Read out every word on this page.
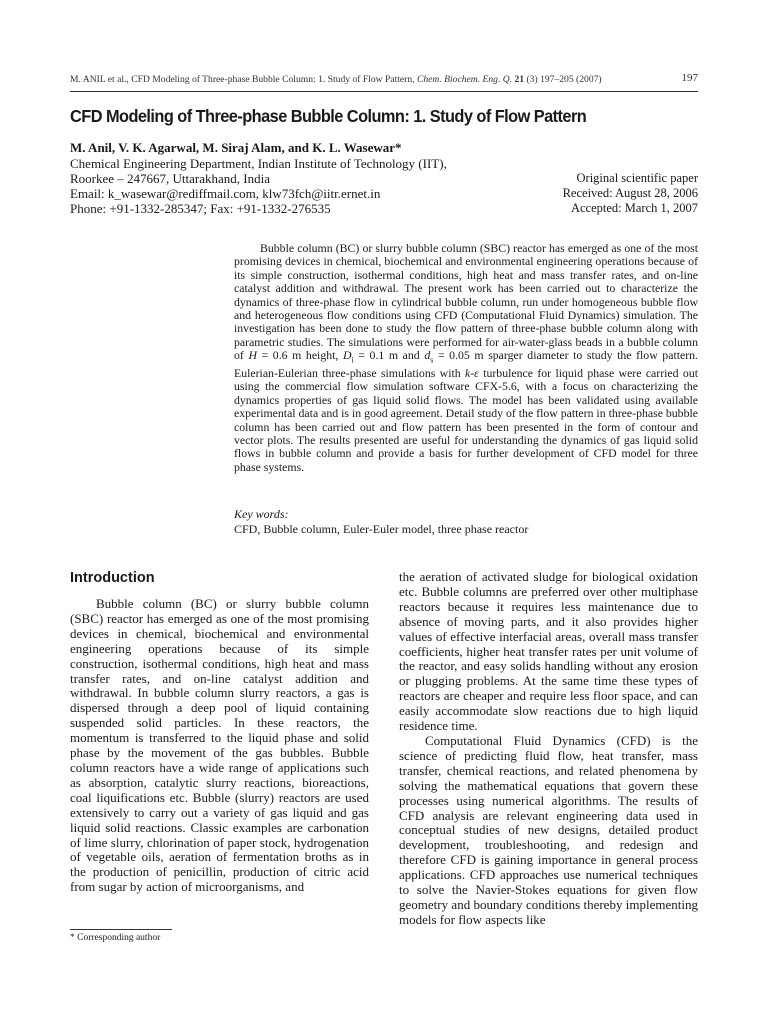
M. ANIL et al., CFD Modeling of Three-phase Bubble Column: 1. Study of Flow Pattern, Chem. Biochem. Eng. Q. 21 (3) 197–205 (2007)	197
CFD Modeling of Three-phase Bubble Column: 1. Study of Flow Pattern
M. Anil, V. K. Agarwal, M. Siraj Alam, and K. L. Wasewar*
Chemical Engineering Department, Indian Institute of Technology (IIT),
Roorkee – 247667, Uttarakhand, India
Email: k_wasewar@rediffmail.com, klw73fch@iitr.ernet.in
Phone: +91-1332-285347; Fax: +91-1332-276535
Original scientific paper
Received: August 28, 2006
Accepted: March 1, 2007

Bubble column (BC) or slurry bubble column (SBC) reactor has emerged as one of the most promising devices in chemical, biochemical and environmental engineering operations because of its simple construction, isothermal conditions, high heat and mass transfer rates, and on-line catalyst addition and withdrawal. The present work has been carried out to characterize the dynamics of three-phase flow in cylindrical bubble column, run under homogeneous bubble flow and heterogeneous flow conditions using CFD (Computational Fluid Dynamics) simulation. The investigation has been done to study the flow pattern of three-phase bubble column along with parametric studies. The simulations were performed for air-water-glass beads in a bubble column of H = 0.6 m height, $D_i = 0.1$ m and $d_s = 0.05$ m sparger diameter to study the flow pattern. Eulerian-Eulerian three-phase simulations with k-ε turbulence for liquid phase were carried out using the commercial flow simulation software CFX-5.6, with a focus on characterizing the dynamics properties of gas liquid solid flows. The model has been validated using available experimental data and is in good agreement. Detail study of the flow pattern in three-phase bubble column has been carried out and flow pattern has been presented in the form of contour and vector plots. The results presented are useful for understanding the dynamics of gas liquid solid flows in bubble column and provide a basis for further development of CFD model for three phase systems.

Key words:
CFD, Bubble column, Euler-Euler model, three phase reactor
Introduction

Bubble column (BC) or slurry bubble column (SBC) reactor has emerged as one of the most promising devices in chemical, biochemical and environmental engineering operations because of its simple construction, isothermal conditions, high heat and mass transfer rates, and on-line catalyst addition and withdrawal. In bubble column slurry reactors, a gas is dispersed through a deep pool of liquid containing suspended solid particles. In these reactors, the momentum is transferred to the liquid phase and solid phase by the movement of the gas bubbles. Bubble column reactors have a wide range of applications such as absorption, catalytic slurry reactions, bioreactions, coal liquifications etc. Bubble (slurry) reactors are used extensively to carry out a variety of gas liquid and gas liquid solid reactions. Classic examples are carbonation of lime slurry, chlorination of paper stock, hydrogenation of vegetable oils, aeration of fermentation broths as in the production of penicillin, production of citric acid from sugar by action of microorganisms, and

the aeration of activated sludge for biological oxidation etc. Bubble columns are preferred over other multiphase reactors because it requires less maintenance due to absence of moving parts, and it also provides higher values of effective interfacial areas, overall mass transfer coefficients, higher heat transfer rates per unit volume of the reactor, and easy solids handling without any erosion or plugging problems. At the same time these types of reactors are cheaper and require less floor space, and can easily accommodate slow reactions due to high liquid residence time.

Computational Fluid Dynamics (CFD) is the science of predicting fluid flow, heat transfer, mass transfer, chemical reactions, and related phenomena by solving the mathematical equations that govern these processes using numerical algorithms. The results of CFD analysis are relevant engineering data used in conceptual studies of new designs, detailed product development, troubleshooting, and redesign and therefore CFD is gaining importance in general process applications. CFD approaches use numerical techniques to solve the Navier-Stokes equations for given flow geometry and boundary conditions thereby implementing models for flow aspects like

* Corresponding author
